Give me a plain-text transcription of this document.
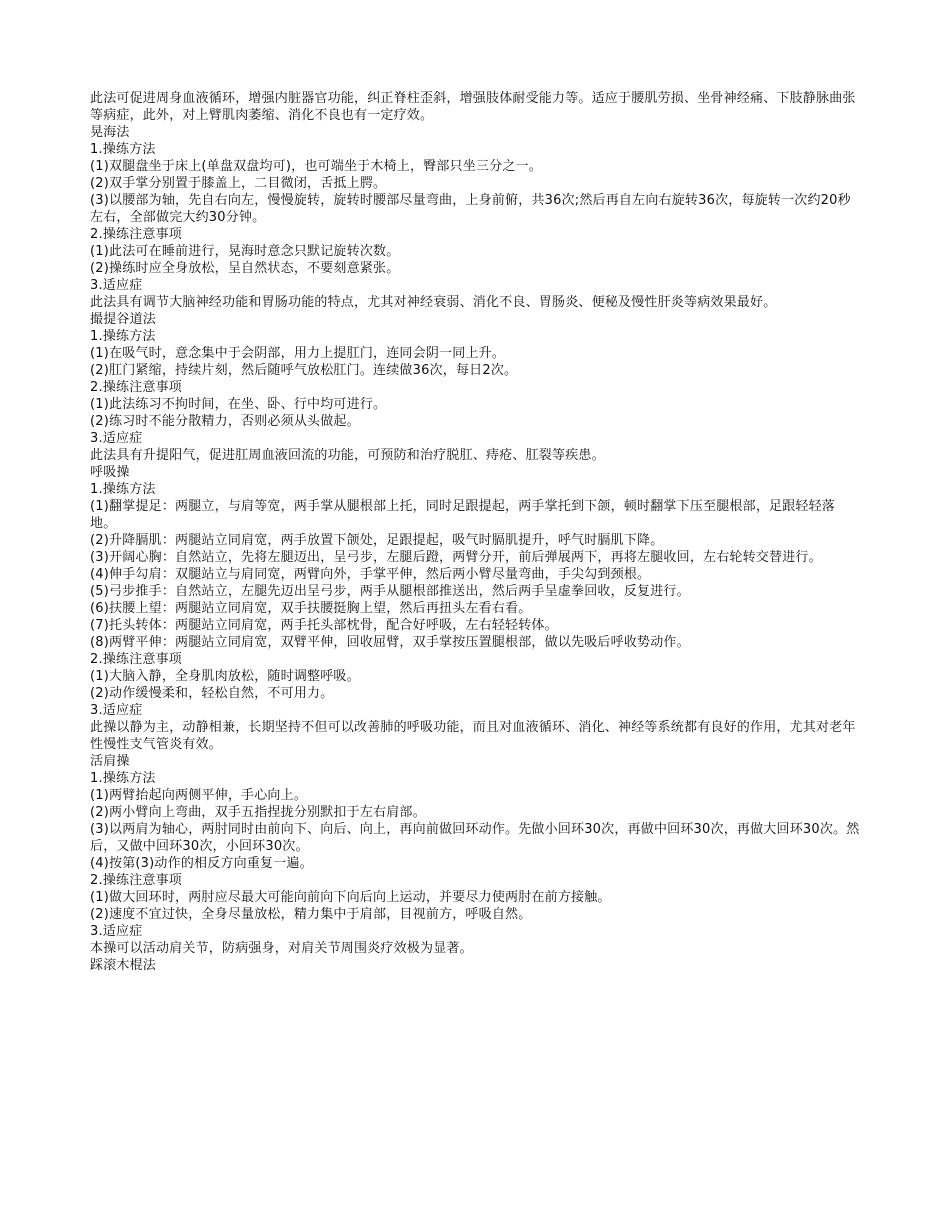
此法可促进周身血液循环，增强内脏器官功能，纠正脊柱歪斜，增强肢体耐受能力等。适应于腰肌劳损、坐骨神经痛、下肢静脉曲张等病症，此外，对上臂肌肉萎缩、消化不良也有一定疗效。

晃海法

1.操练方法

(1)双腿盘坐于床上(单盘双盘均可)，也可端坐于木椅上，臀部只坐三分之一。

(2)双手掌分别置于膝盖上，二目微闭，舌抵上腭。

(3)以腰部为轴，先自右向左，慢慢旋转，旋转时腰部尽量弯曲，上身前俯，共36次;然后再自左向右旋转36次，每旋转一次约20秒左右，全部做完大约30分钟。

2.操练注意事项

(1)此法可在睡前进行，晃海时意念只默记旋转次数。

(2)操练时应全身放松，呈自然状态，不要刻意紧张。

3.适应症

此法具有调节大脑神经功能和胃肠功能的特点，尤其对神经衰弱、消化不良、胃肠炎、便秘及慢性肝炎等病效果最好。

撮提谷道法

1.操练方法

(1)在吸气时，意念集中于会阴部，用力上提肛门，连同会阴一同上升。

(2)肛门紧缩，持续片刻，然后随呼气放松肛门。连续做36次，每日2次。

2.操练注意事项

(1)此法练习不拘时间，在坐、卧、行中均可进行。

(2)练习时不能分散精力，否则必须从头做起。

3.适应症

此法具有升提阳气，促进肛周血液回流的功能，可预防和治疗脱肛、痔疮、肛裂等疾患。

呼吸操

1.操练方法

(1)翻掌提足：两腿立，与肩等宽，两手掌从腿根部上托，同时足跟提起，两手掌托到下颌，顿时翻掌下压至腿根部，足跟轻轻落地。

(2)升降膈肌：两腿站立同肩宽，两手放置下颌处，足跟提起，吸气时膈肌提升，呼气时膈肌下降。

(3)开阔心胸：自然站立，先将左腿迈出，呈弓步，左腿后蹬，两臂分开，前后弹展两下，再将左腿收回，左右轮转交替进行。

(4)伸手勾肩：双腿站立与肩同宽，两臂向外，手掌平伸，然后两小臂尽量弯曲，手尖勾到颈根。

(5)弓步推手：自然站立，左腿先迈出呈弓步，两手从腿根部推送出，然后两手呈虚拳回收，反复进行。

(6)扶腰上望：两腿站立同肩宽，双手扶腰挺胸上望，然后再扭头左看右看。

(7)托头转体：两腿站立同肩宽，两手托头部枕骨，配合好呼吸，左右轻轻转体。

(8)两臂平伸：两腿站立同肩宽，双臂平伸，回收屈臂，双手掌按压置腿根部，做以先吸后呼收势动作。

2.操练注意事项

(1)大脑入静，全身肌肉放松，随时调整呼吸。

(2)动作缓慢柔和，轻松自然，不可用力。

3.适应症

此操以静为主，动静相兼，长期坚持不但可以改善肺的呼吸功能，而且对血液循环、消化、神经等系统都有良好的作用，尤其对老年性慢性支气管炎有效。

活肩操

1.操练方法

(1)两臂抬起向两侧平伸，手心向上。

(2)两小臂向上弯曲，双手五指捏拢分别默扣于左右肩部。

(3)以两肩为轴心，两肘同时由前向下、向后、向上，再向前做回环动作。先做小回环30次，再做中回环30次，再做大回环30次。然后，又做中回环30次，小回环30次。

(4)按第(3)动作的相反方向重复一遍。

2.操练注意事项

(1)做大回环时，两肘应尽最大可能向前向下向后向上运动，并要尽力使两肘在前方接触。

(2)速度不宜过快，全身尽量放松，精力集中于肩部，目视前方，呼吸自然。

3.适应症

本操可以活动肩关节，防病强身，对肩关节周围炎疗效极为显著。

踩滚木棍法
